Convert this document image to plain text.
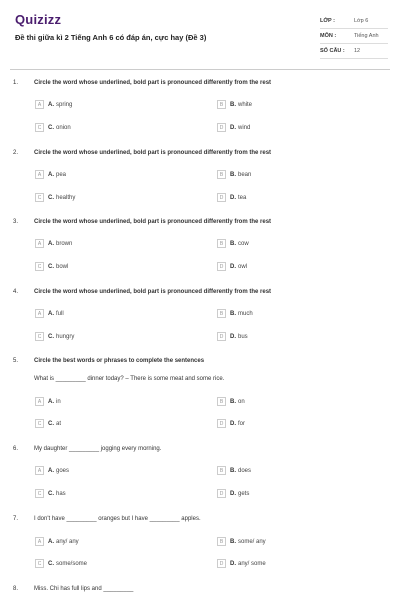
Quizizz
Đề thi giữa kì 2 Tiếng Anh 6 có đáp án, cực hay (Đề 3)
LỚP :	Lớp 6
MÔN :	Tiếng Anh
SỐ CÂU :	12
1.	Circle the word whose underlined, bold part is pronounced differently from the rest
A	A. spring	B	B. white
C	C. onion	D	D. wind
2.	Circle the word whose underlined, bold part is pronounced differently from the rest
A	A. pea	B	B. bean
C	C. healthy	D	D. tea
3.	Circle the word whose underlined, bold part is pronounced differently from the rest
A	A. brown	B	B. cow
C	C. bowl	D	D. owl
4.	Circle the word whose underlined, bold part is pronounced differently from the rest
A	A. full	B	B. much
C	C. hungry	D	D. bus
5.	Circle the best words or phrases to complete the sentences
What is _________ dinner today? – There is some meat and some rice.
A	A. in	B	B. on
C	C. at	D	D. for
6.	My daughter _________ jogging every morning.
A	A. goes	B	B. does
C	C. has	D	D. gets
7.	I don't have _________ oranges but I have _________ apples.
A	A. any/ any	B	B. some/ any
C	C. some/some	D	D. any/ some
8.	Miss. Chi has full lips and _________
